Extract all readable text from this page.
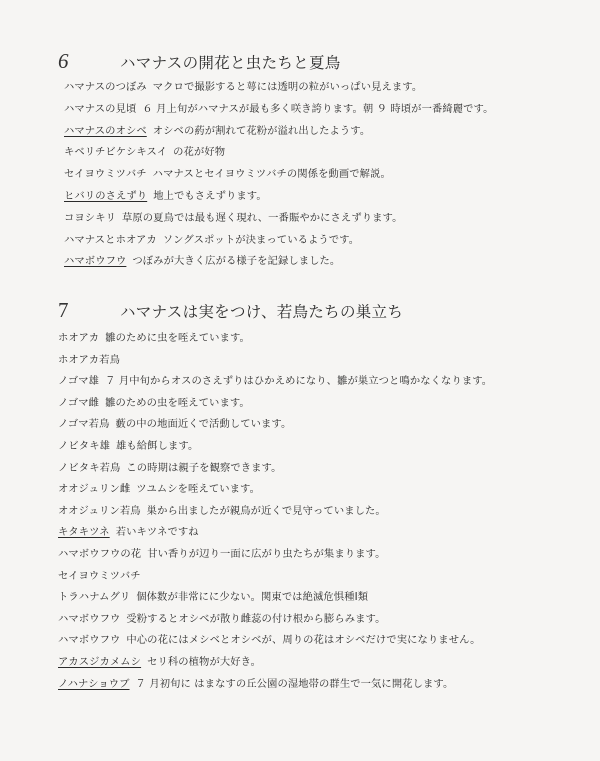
6	ハマナスの開花と虫たちと夏鳥
ハマナスのつぼみ マクロで撮影すると萼には透明の粒がいっぱい見えます。
ハマナスの見頃 ６ 月上旬がハマナスが最も多く咲き誇ります。朝 ９ 時頃が一番綺麗です。
ハマナスのオシベ オシベの葯が割れて花粉が溢れ出したようす。
キベリチビケシキスイ の花が好物
セイヨウミツバチ ハマナスとセイヨウミツバチの関係を動画で解説。
ヒバリのさえずり 地上でもさえずります。
コヨシキリ 草原の夏鳥では最も遅く現れ、一番賑やかにさえずります。
ハマナスとホオアカ ソングスポットが決まっているようです。
ハマボウフウ つぼみが大きく広がる様子を記録しました。
7	ハマナスは実をつけ、若鳥たちの巣立ち
ホオアカ 雛のために虫を咥えています。
ホオアカ若鳥
ノゴマ雄 ７ 月中旬からオスのさえずりはひかえめになり、雛が巣立つと鳴かなくなります。
ノゴマ雌 雛のための虫を咥えています。
ノゴマ若鳥 藪の中の地面近くで活動しています。
ノビタキ雄 雄も給餌します。
ノビタキ若鳥 この時期は親子を観察できます。
オオジュリン雌 ツユムシを咥えています。
オオジュリン若鳥 巣から出ましたが親鳥が近くで見守っていました。
キタキツネ 若いキツネですね
ハマボウフウの花 甘い香りが辺り一面に広がり虫たちが集まります。
セイヨウミツバチ
トラハナムグリ 個体数が非常にに少ない。関東では絶滅危惧種Ⅰ類
ハマボウフウ 受粉するとオシベが散り雌蕊の付け根から膨らみます。
ハマボウフウ 中心の花にはメシベとオシベが、周りの花はオシベだけで実になりません。
アカスジカメムシ セリ科の植物が大好き。
ノハナショウブ ７ 月初旬に はまなすの丘公園の湿地帯の群生で一気に開花します。
